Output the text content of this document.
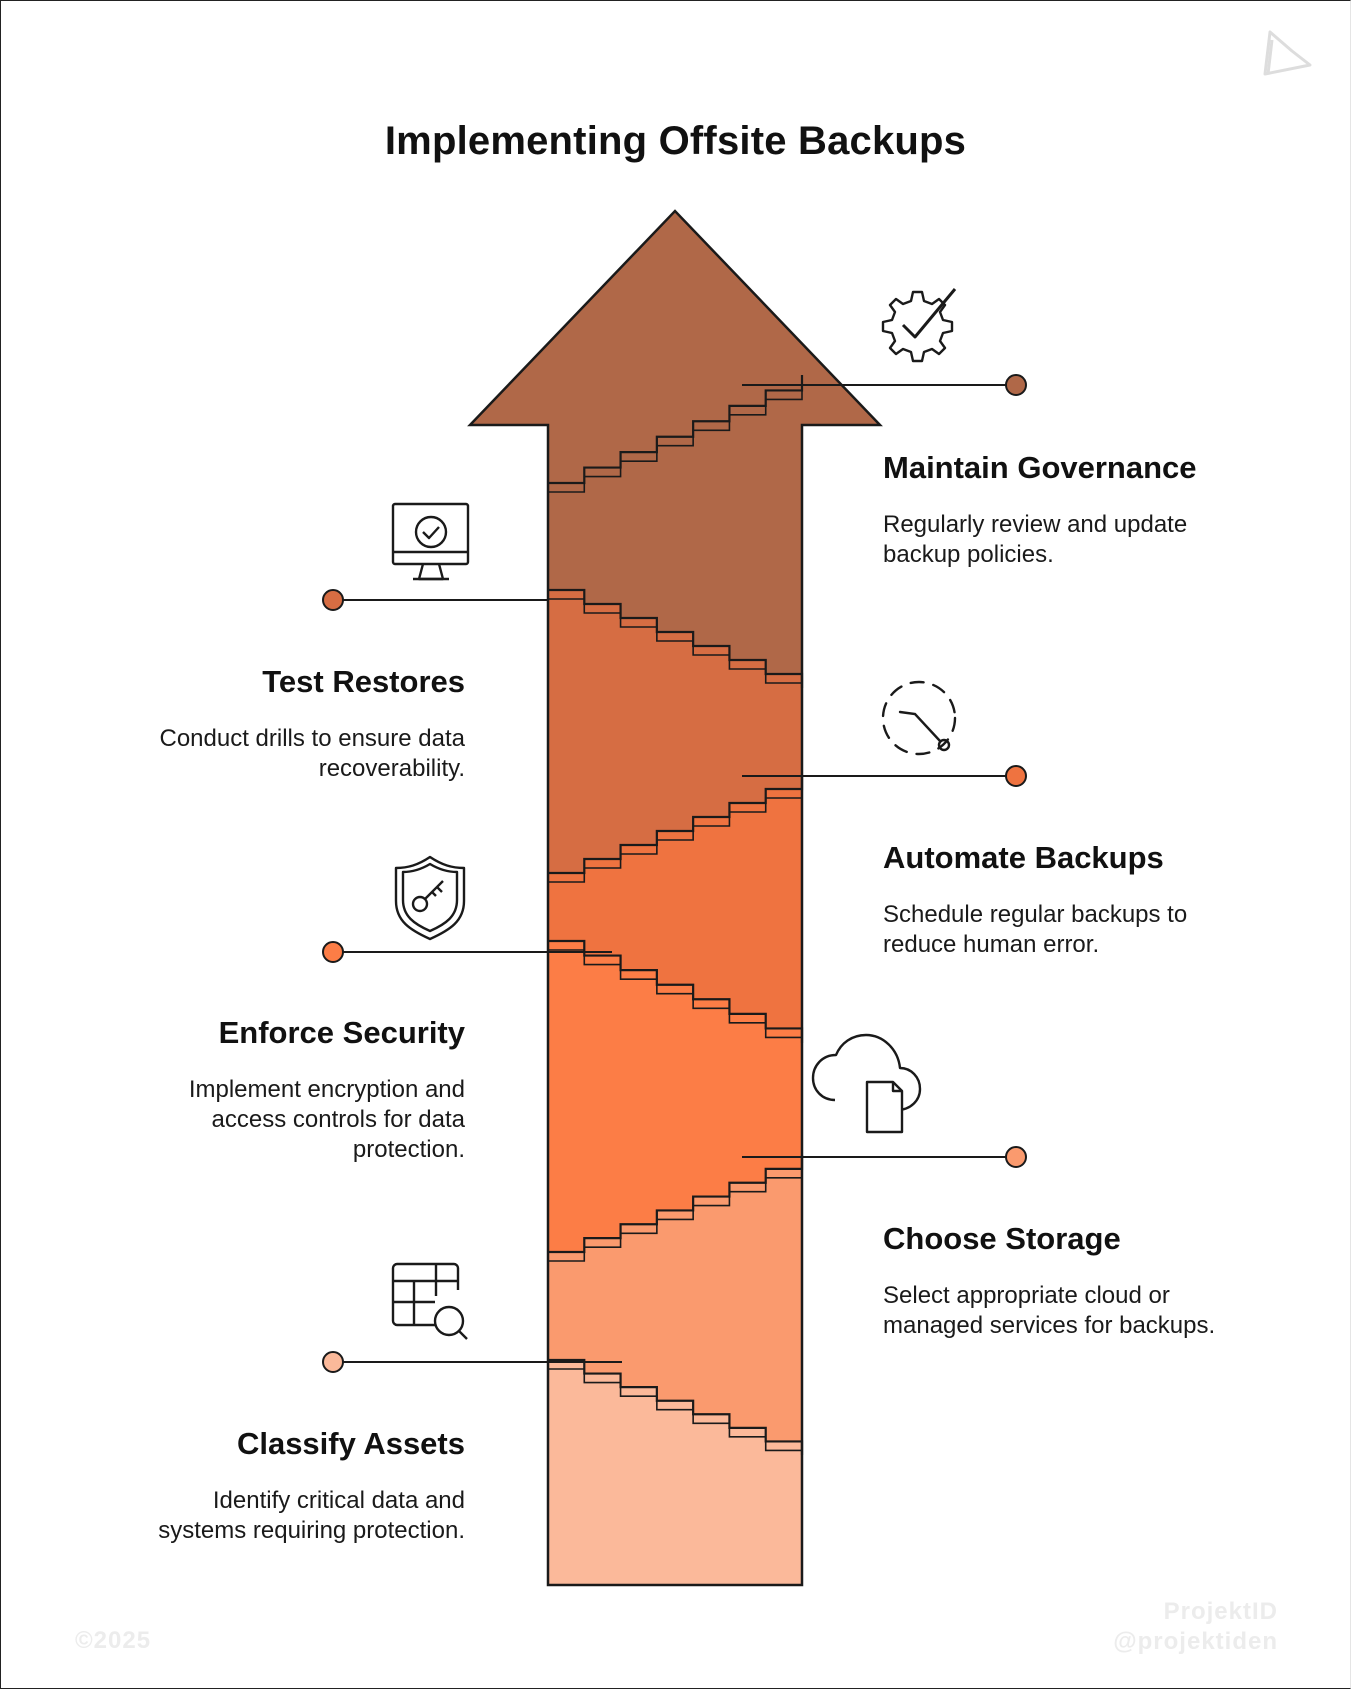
Implementing Offsite Backups
Maintain Governance

Regularly review and update
backup policies.

Test Restores

Conduct drills to ensure data
recoverability.

Automate Backups

Schedule regular backups to
reduce human error.

Enforce Security

Implement encryption and
access controls for data
protection.

Choose Storage

Select appropriate cloud or
managed services for backups.

Classify Assets

Identify critical data and
systems requiring protection.

©2025
ProjektID
@projektiden
